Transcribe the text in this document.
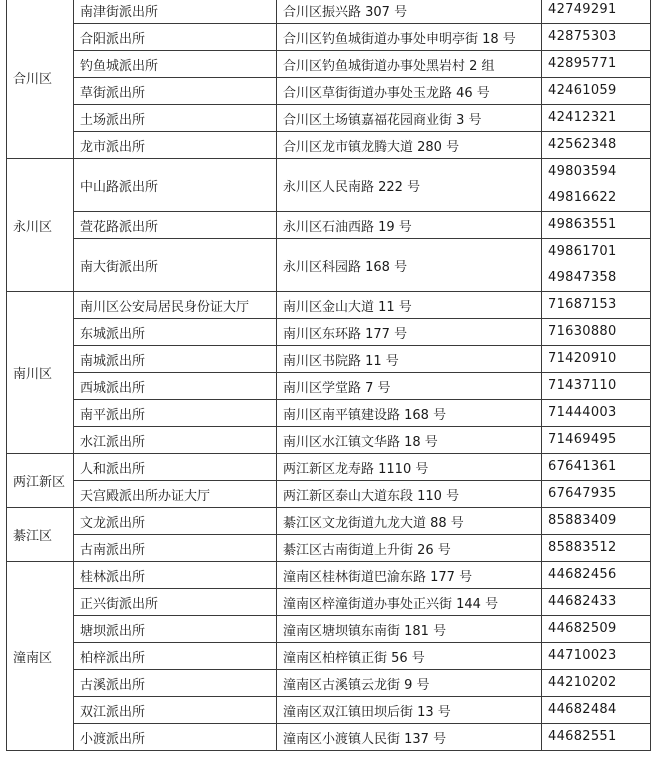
合川区	南津街派出所	合川区振兴路 307 号	42749291

	合阳派出所	合川区钓鱼城街道办事处申明亭街 18 号	42875303

	钓鱼城派出所	合川区钓鱼城街道办事处黑岩村 2 组	42895771

	草街派出所	合川区草街街道办事处玉龙路 46 号	42461059

	土场派出所	合川区土场镇嘉福花园商业街 3 号	42412321

	龙市派出所	合川区龙市镇龙腾大道 280 号	42562348

永川区	中山路派出所	永川区人民南路 222 号	49803594
49816622

	萱花路派出所	永川区石油西路 19 号	49863551

	南大街派出所	永川区科园路 168 号	49861701
49847358

南川区	南川区公安局居民身份证大厅	南川区金山大道 11 号	71687153

	东城派出所	南川区东环路 177 号	71630880

	南城派出所	南川区书院路 11 号	71420910

	西城派出所	南川区学堂路 7 号	71437110

	南平派出所	南川区南平镇建设路 168 号	71444003

	水江派出所	南川区水江镇文华路 18 号	71469495

两江新区	人和派出所	两江新区龙寿路 1110 号	67641361

	天宫殿派出所办证大厅	两江新区泰山大道东段 110 号	67647935

綦江区	文龙派出所	綦江区文龙街道九龙大道 88 号	85883409

	古南派出所	綦江区古南街道上升街 26 号	85883512

潼南区	桂林派出所	潼南区桂林街道巴渝东路 177 号	44682456

	正兴街派出所	潼南区梓潼街道办事处正兴街 144 号	44682433

	塘坝派出所	潼南区塘坝镇东南街 181 号	44682509

	柏梓派出所	潼南区柏梓镇正街 56 号	44710023

	古溪派出所	潼南区古溪镇云龙街 9 号	44210202

	双江派出所	潼南区双江镇田坝后街 13 号	44682484

	小渡派出所	潼南区小渡镇人民街 137 号	44682551
